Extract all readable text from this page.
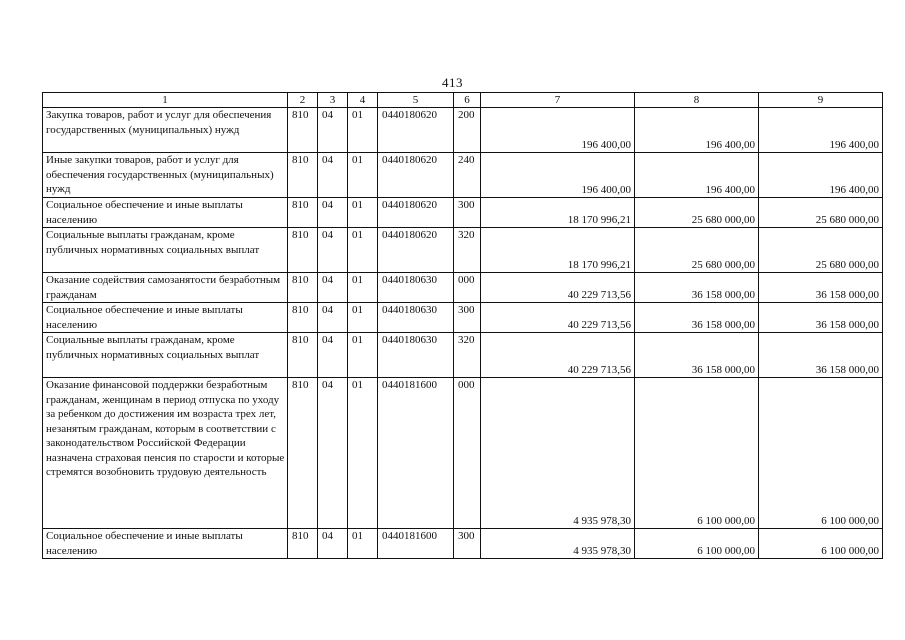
413
1	2	3	4	5	6	7	8	9
Закупка товаров, работ и услуг для обеспечения государственных (муниципальных) нужд	810	04	01	0440180620	200	196 400,00	196 400,00	196 400,00
Иные закупки товаров, работ и услуг для обеспечения государственных (муниципальных) нужд	810	04	01	0440180620	240	196 400,00	196 400,00	196 400,00
Социальное обеспечение и иные выплаты населению	810	04	01	0440180620	300	18 170 996,21	25 680 000,00	25 680 000,00
Социальные выплаты гражданам, кроме публичных нормативных социальных выплат	810	04	01	0440180620	320	18 170 996,21	25 680 000,00	25 680 000,00
Оказание содействия самозанятости безработным гражданам	810	04	01	0440180630	000	40 229 713,56	36 158 000,00	36 158 000,00
Социальное обеспечение и иные выплаты населению	810	04	01	0440180630	300	40 229 713,56	36 158 000,00	36 158 000,00
Социальные выплаты гражданам, кроме публичных нормативных социальных выплат	810	04	01	0440180630	320	40 229 713,56	36 158 000,00	36 158 000,00
Оказание финансовой поддержки безработным гражданам, женщинам в период отпуска по уходу за ребенком до достижения им возраста трех лет, незанятым гражданам, которым в соответствии с законодательством Российской Федерации назначена страховая пенсия по старости и которые стремятся возобновить трудовую деятельность	810	04	01	0440181600	000	4 935 978,30	6 100 000,00	6 100 000,00
Социальное обеспечение и иные выплаты населению	810	04	01	0440181600	300	4 935 978,30	6 100 000,00	6 100 000,00
